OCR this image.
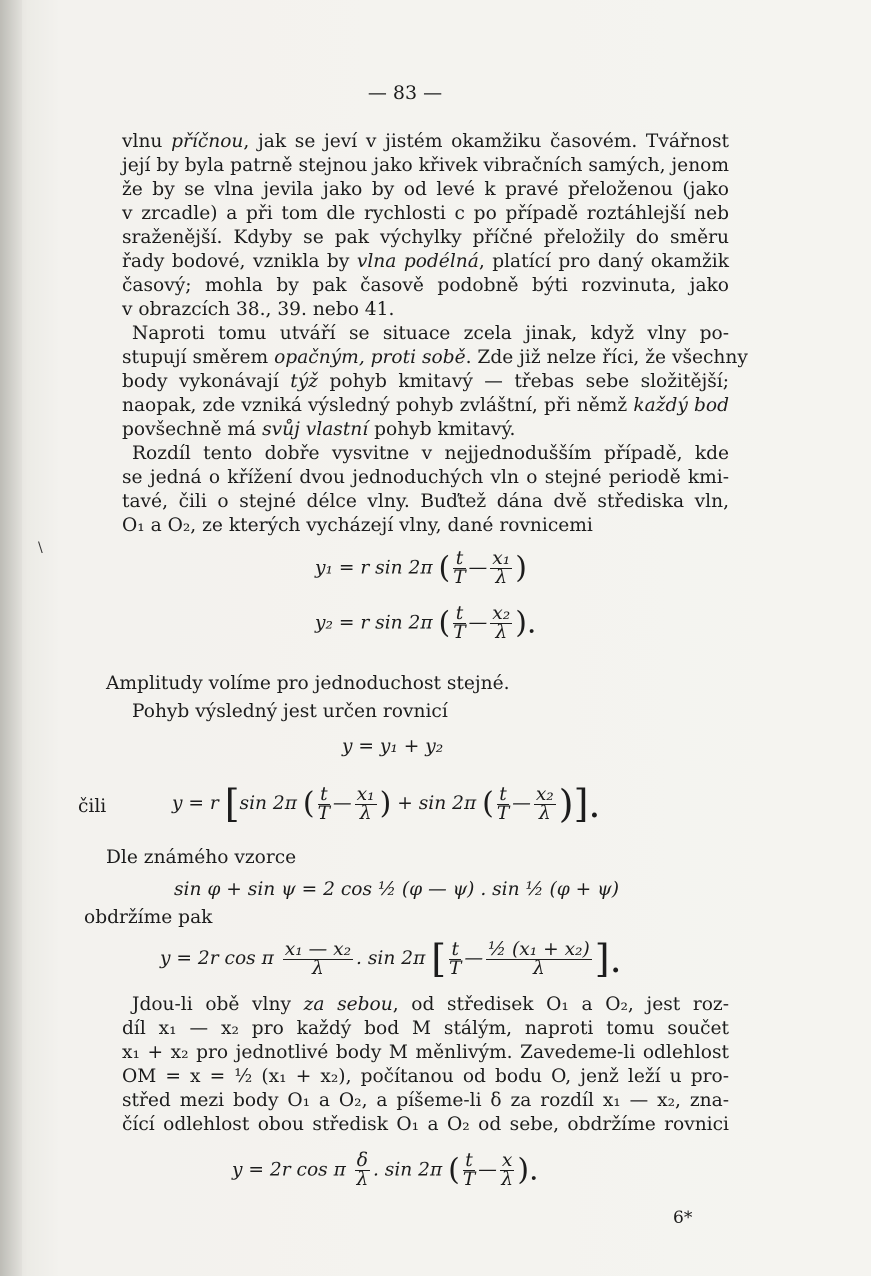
— 83 —
vlnu příčnou, jak se jeví v jistém okamžiku časovém. Tvářnost
její by byla patrně stejnou jako křivek vibračních samých, jenom
že by se vlna jevila jako by od levé k pravé přeloženou (jako
v zrcadle) a při tom dle rychlosti c po případě roztáhlejší neb
sraženější. Kdyby se pak výchylky příčné přeložily do směru
řady bodové, vznikla by vlna podélná, platící pro daný okamžik
časový; mohla by pak časově podobně býti rozvinuta, jako
v obrazcích 38., 39. nebo 41.
Naproti tomu utváří se situace zcela jinak, když vlny po-
stupují směrem opačným, proti sobě. Zde již nelze říci, že všechny
body vykonávají týž pohyb kmitavý — třebas sebe složitější;
naopak, zde vzniká výsledný pohyb zvláštní, při němž každý bod
povšechně má svůj vlastní pohyb kmitavý.
Rozdíl tento dobře vysvitne v nejjednodušším případě, kde
se jedná o křížení dvou jednoduchých vln o stejné periodě kmi-
tavé, čili o stejné délce vlny. Buďtež dána dvě střediska vln,
O₁ a O₂, ze kterých vycházejí vlny, dané rovnicemi
\
y₁ = r sin 2π ( $\frac{t}{T}$ — $\frac{\text{x₁}}{\lambda}$ )
y₂ = r sin 2π ( $\frac{t}{T}$ — $\frac{\text{x₂}}{\lambda}$ ).
Amplitudy volíme pro jednoduchost stejné.
Pohyb výsledný jest určen rovnicí
y = y₁ + y₂
čili	y = r [sin 2π ( $\frac{t}{T}$ — $\frac{\text{x₁}}{\lambda}$ ) + sin 2π ( $\frac{t}{T}$ — $\frac{\text{x₂}}{\lambda}$ )].
Dle známého vzorce
sin φ + sin ψ = 2 cos ½ (φ — ψ) . sin ½ (φ + ψ)
obdržíme pak
y = 2r cos π $\frac{\text{x₁ — x₂}}{\lambda}$ . sin 2π [ $\frac{t}{T}$ — $\frac{\text{½ (x₁ + x₂)}}{\lambda}$ ].
Jdou-li obě vlny za sebou, od středisek O₁ a O₂, jest roz-
díl x₁ — x₂ pro každý bod M stálým, naproti tomu součet
x₁ + x₂ pro jednotlivé body M měnlivým. Zavedeme-li odlehlost
OM = x = ½ (x₁ + x₂), počítanou od bodu O, jenž leží u pro-
střed mezi body O₁ a O₂, a píšeme-li δ za rozdíl x₁ — x₂, zna-
čící odlehlost obou středisk O₁ a O₂ od sebe, obdržíme rovnici
y = 2r cos π $\frac{\delta}{\lambda}$ . sin 2π ( $\frac{t}{T}$ — $\frac{x}{\lambda}$ ).
6*
